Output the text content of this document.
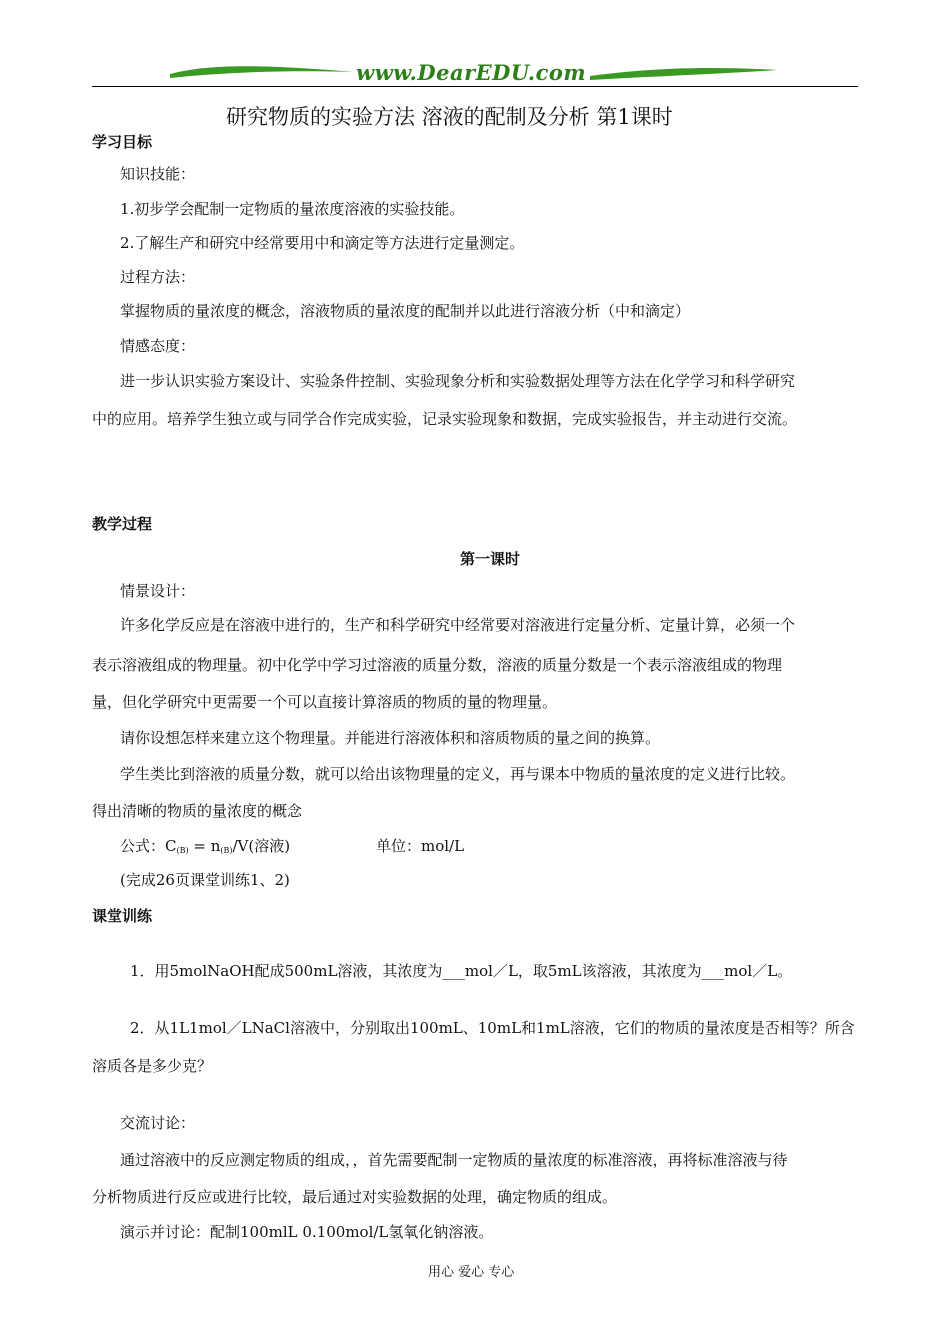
www.DearEDU.com
研究物质的实验方法 溶液的配制及分析 第1课时
学习目标
知识技能：
1.初步学会配制一定物质的量浓度溶液的实验技能。
2.了解生产和研究中经常要用中和滴定等方法进行定量测定。
过程方法：
掌握物质的量浓度的概念，溶液物质的量浓度的配制并以此进行溶液分析（中和滴定）
情感态度：
进一步认识实验方案设计、实验条件控制、实验现象分析和实验数据处理等方法在化学学习和科学研究
中的应用。培养学生独立或与同学合作完成实验，记录实验现象和数据，完成实验报告，并主动进行交流。
教学过程
第一课时
情景设计：
许多化学反应是在溶液中进行的，生产和科学研究中经常要对溶液进行定量分析、定量计算，必须一个
表示溶液组成的物理量。初中化学中学习过溶液的质量分数，溶液的质量分数是一个表示溶液组成的物理
量，但化学研究中更需要一个可以直接计算溶质的物质的量的物理量。
请你设想怎样来建立这个物理量。并能进行溶液体积和溶质物质的量之间的换算。
学生类比到溶液的质量分数，就可以给出该物理量的定义，再与课本中物质的量浓度的定义进行比较。
得出清晰的物质的量浓度的概念
公式：C(B) = n(B)/V(溶液)	单位：mol/L
(完成26页课堂训练1、2)
课堂训练
1．用5molNaOH配成500mL溶液，其浓度为___mol／L，取5mL该溶液，其浓度为___mol／L。
2．从1L1mol／LNaCl溶液中，分别取出100mL、10mL和1mL溶液，它们的物质的量浓度是否相等？所含
溶质各是多少克？
交流讨论：
通过溶液中的反应测定物质的组成，，首先需要配制一定物质的量浓度的标准溶液，再将标准溶液与待
分析物质进行反应或进行比较，最后通过对实验数据的处理，确定物质的组成。
演示并讨论：配制100mlL 0.100mol/L氢氧化钠溶液。
用心 爱心 专心
